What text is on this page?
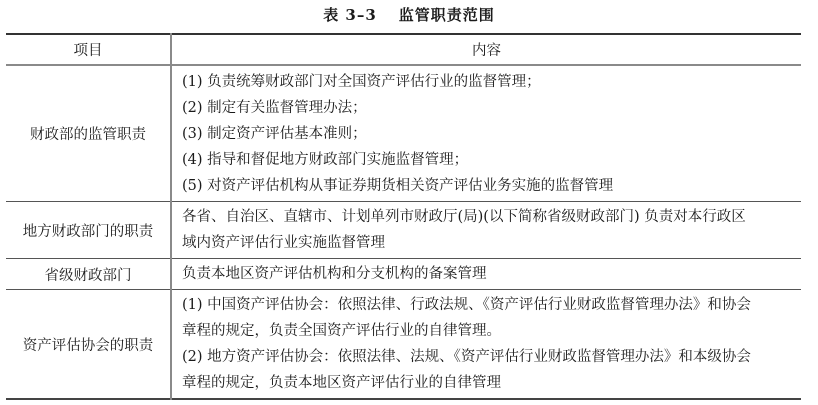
表 3–3 监管职责范围
项目	内容
财政部的监管职责	(1) 负责统筹财政部门对全国资产评估行业的监督管理；
(2) 制定有关监督管理办法；
(3) 制定资产评估基本准则；
(4) 指导和督促地方财政部门实施监督管理；
(5) 对资产评估机构从事证券期货相关资产评估业务实施的监督管理

地方财政部门的职责	各省、自治区、直辖市、计划单列市财政厅(局)(以下简称省级财政部门) 负责对本行政区
域内资产评估行业实施监督管理

省级财政部门	负责本地区资产评估机构和分支机构的备案管理

资产评估协会的职责	(1) 中国资产评估协会：依照法律、行政法规、《资产评估行业财政监督管理办法》和协会
章程的规定，负责全国资产评估行业的自律管理。
(2) 地方资产评估协会：依照法律、法规、《资产评估行业财政监督管理办法》和本级协会
章程的规定，负责本地区资产评估行业的自律管理
